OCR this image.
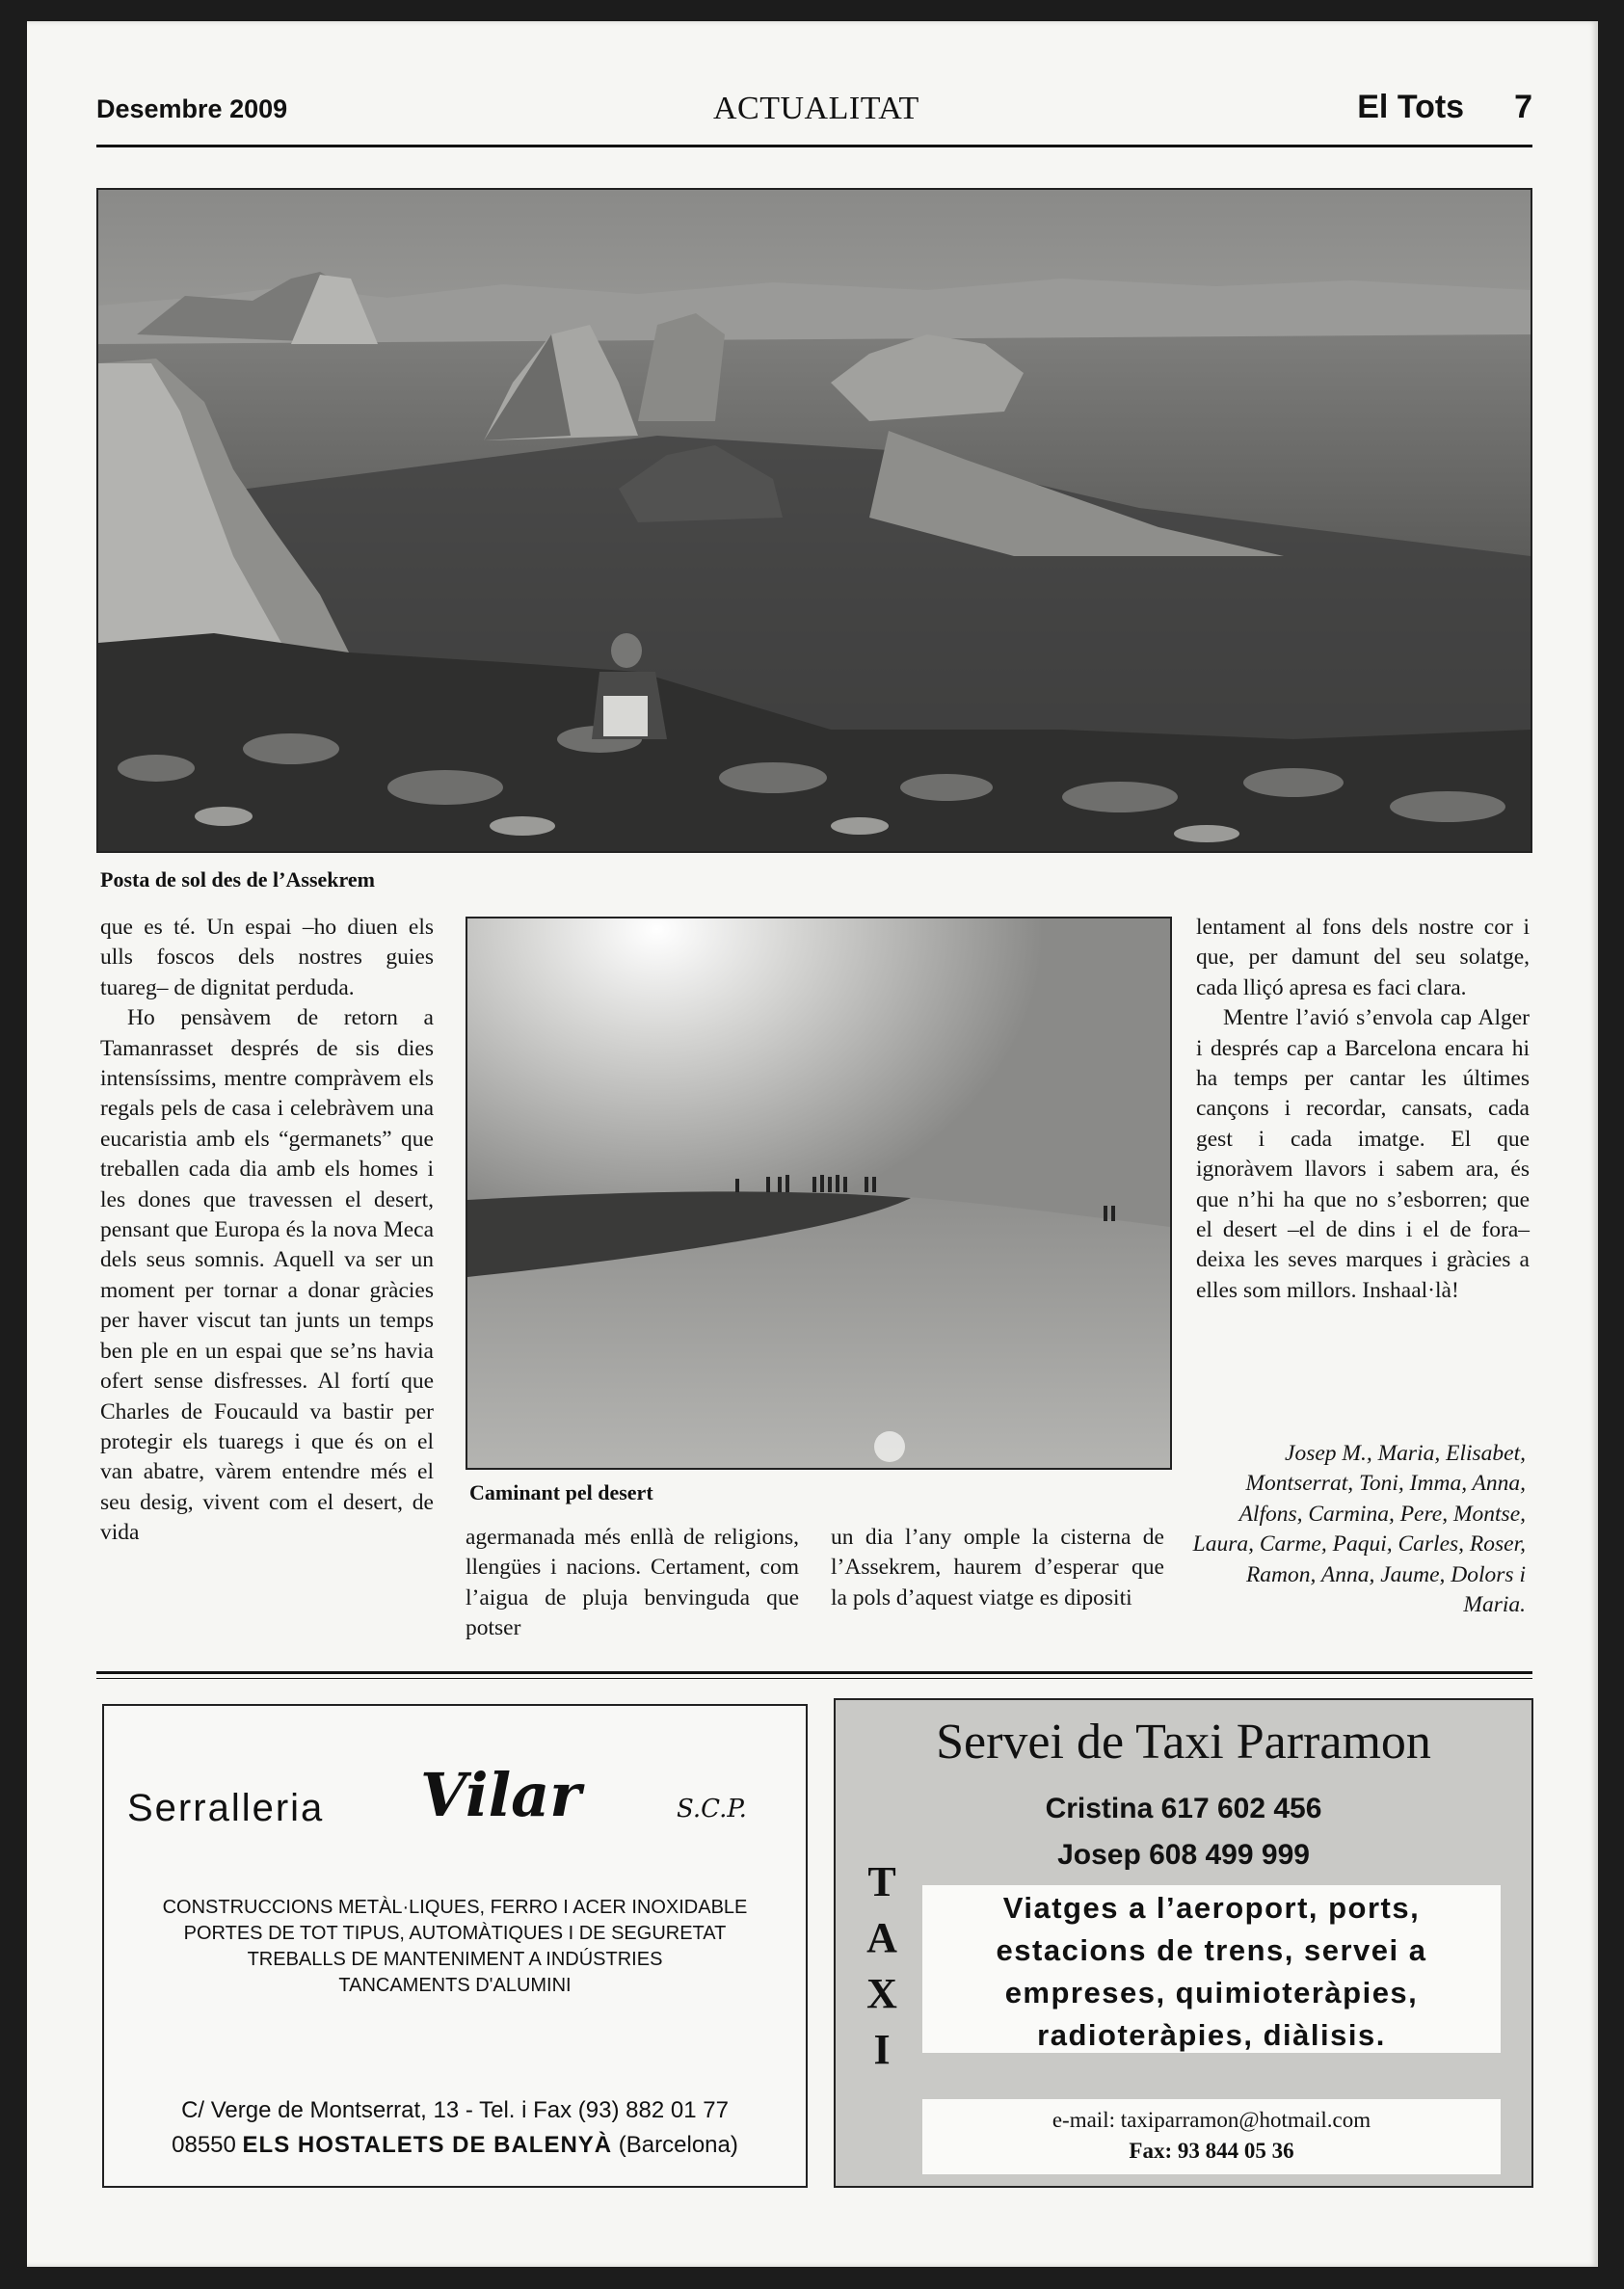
Desembre 2009	ACTUALITAT	El Tots 7
Posta de sol des de l’Assekrem

que es té. Un espai –ho diuen els ulls foscos dels nostres guies tuareg– de dignitat perduda.

Ho pensàvem de retorn a Tamanrasset després de sis dies intensíssims, mentre compràvem els regals pels de casa i celebràvem una eucaristia amb els “germanets” que treballen cada dia amb els homes i les dones que travessen el desert, pensant que Europa és la nova Meca dels seus somnis. Aquell va ser un moment per tornar a donar gràcies per haver viscut tan junts un temps ben ple en un espai que se’ns havia ofert sense disfresses. Al fortí que Charles de Foucauld va bastir per protegir els tuaregs i que és on el van abatre, vàrem entendre més el seu desig, vivent com el desert, de vida

Caminant pel desert

agermanada més enllà de religions, llengües i nacions. Certament, com l’aigua de pluja benvinguda que potser

un dia l’any omple la cisterna de l’Assekrem, haurem d’esperar que la pols d’aquest viatge es dipositi

lentament al fons dels nostre cor i que, per damunt del seu solatge, cada lliçó apresa es faci clara.

Mentre l’avió s’envola cap Alger i després cap a Barcelona encara hi ha temps per cantar les últimes cançons i recordar, cansats, cada gest i cada imatge. El que ignoràvem llavors i sabem ara, és que n’hi ha que no s’esborren; que el desert –el de dins i el de fora– deixa les seves marques i gràcies a elles som millors. Inshaal·là!

Josep M., Maria, Elisabet, Montserrat, Toni, Imma, Anna, Alfons, Carmina, Pere, Montse, Laura, Carme, Paqui, Carles, Roser, Ramon, Anna, Jaume, Dolors i Maria.
Serralleria Vilar	S.C.P.
CONSTRUCCIONS METÀL·LIQUES, FERRO I ACER INOXIDABLE
PORTES DE TOT TIPUS, AUTOMÀTIQUES I DE SEGURETAT
TREBALLS DE MANTENIMENT A INDÚSTRIES
TANCAMENTS D'ALUMINI
C/ Verge de Montserrat, 13 - Tel. i Fax (93) 882 01 77
08550 ELS HOSTALETS DE BALENYÀ (Barcelona)
Servei de Taxi Parramon
Cristina 617 602 456
Josep 608 499 999
T
A
X
I
Viatges a l’aeroport, ports,
estacions de trens, servei a
empreses, quimioteràpies,
radioteràpies, diàlisis.
e-mail: taxiparramon@hotmail.com
Fax: 93 844 05 36
